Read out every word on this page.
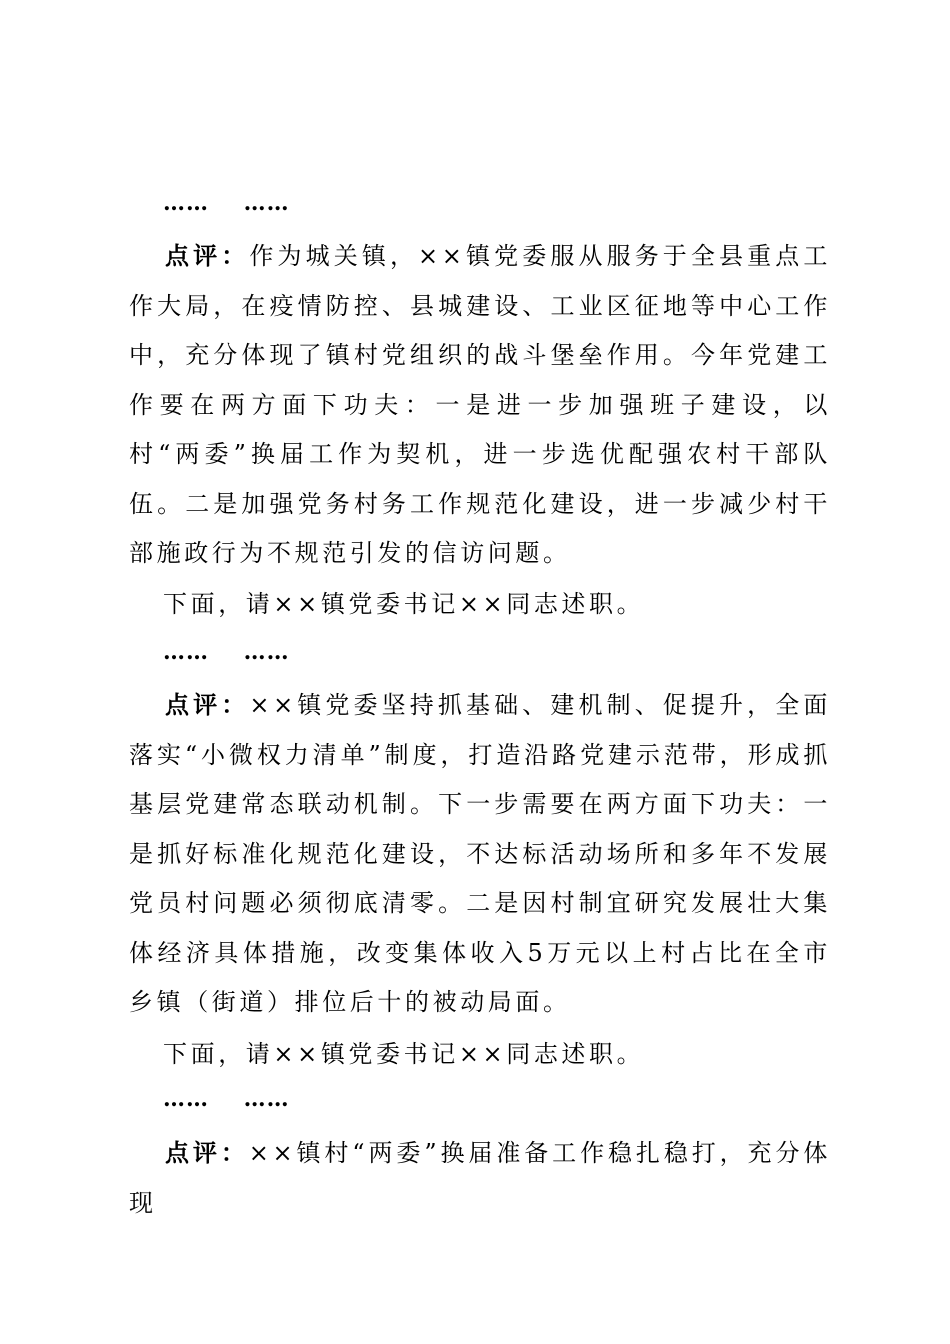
……    ……

点评：作为城关镇，××镇党委服从服务于全县重点工作大局，在疫情防控、县城建设、工业区征地等中心工作中，充分体现了镇村党组织的战斗堡垒作用。今年党建工作要在两方面下功夫：一是进一步加强班子建设，以村“两委”换届工作为契机，进一步选优配强农村干部队伍。二是加强党务村务工作规范化建设，进一步减少村干部施政行为不规范引发的信访问题。

下面，请××镇党委书记××同志述职。

……    ……

点评：××镇党委坚持抓基础、建机制、促提升，全面落实“小微权力清单”制度，打造沿路党建示范带，形成抓基层党建常态联动机制。下一步需要在两方面下功夫：一是抓好标准化规范化建设，不达标活动场所和多年不发展党员村问题必须彻底清零。二是因村制宜研究发展壮大集体经济具体措施，改变集体收入5万元以上村占比在全市乡镇（街道）排位后十的被动局面。

下面，请××镇党委书记××同志述职。

……    ……

点评：××镇村“两委”换届准备工作稳扎稳打，充分体现
